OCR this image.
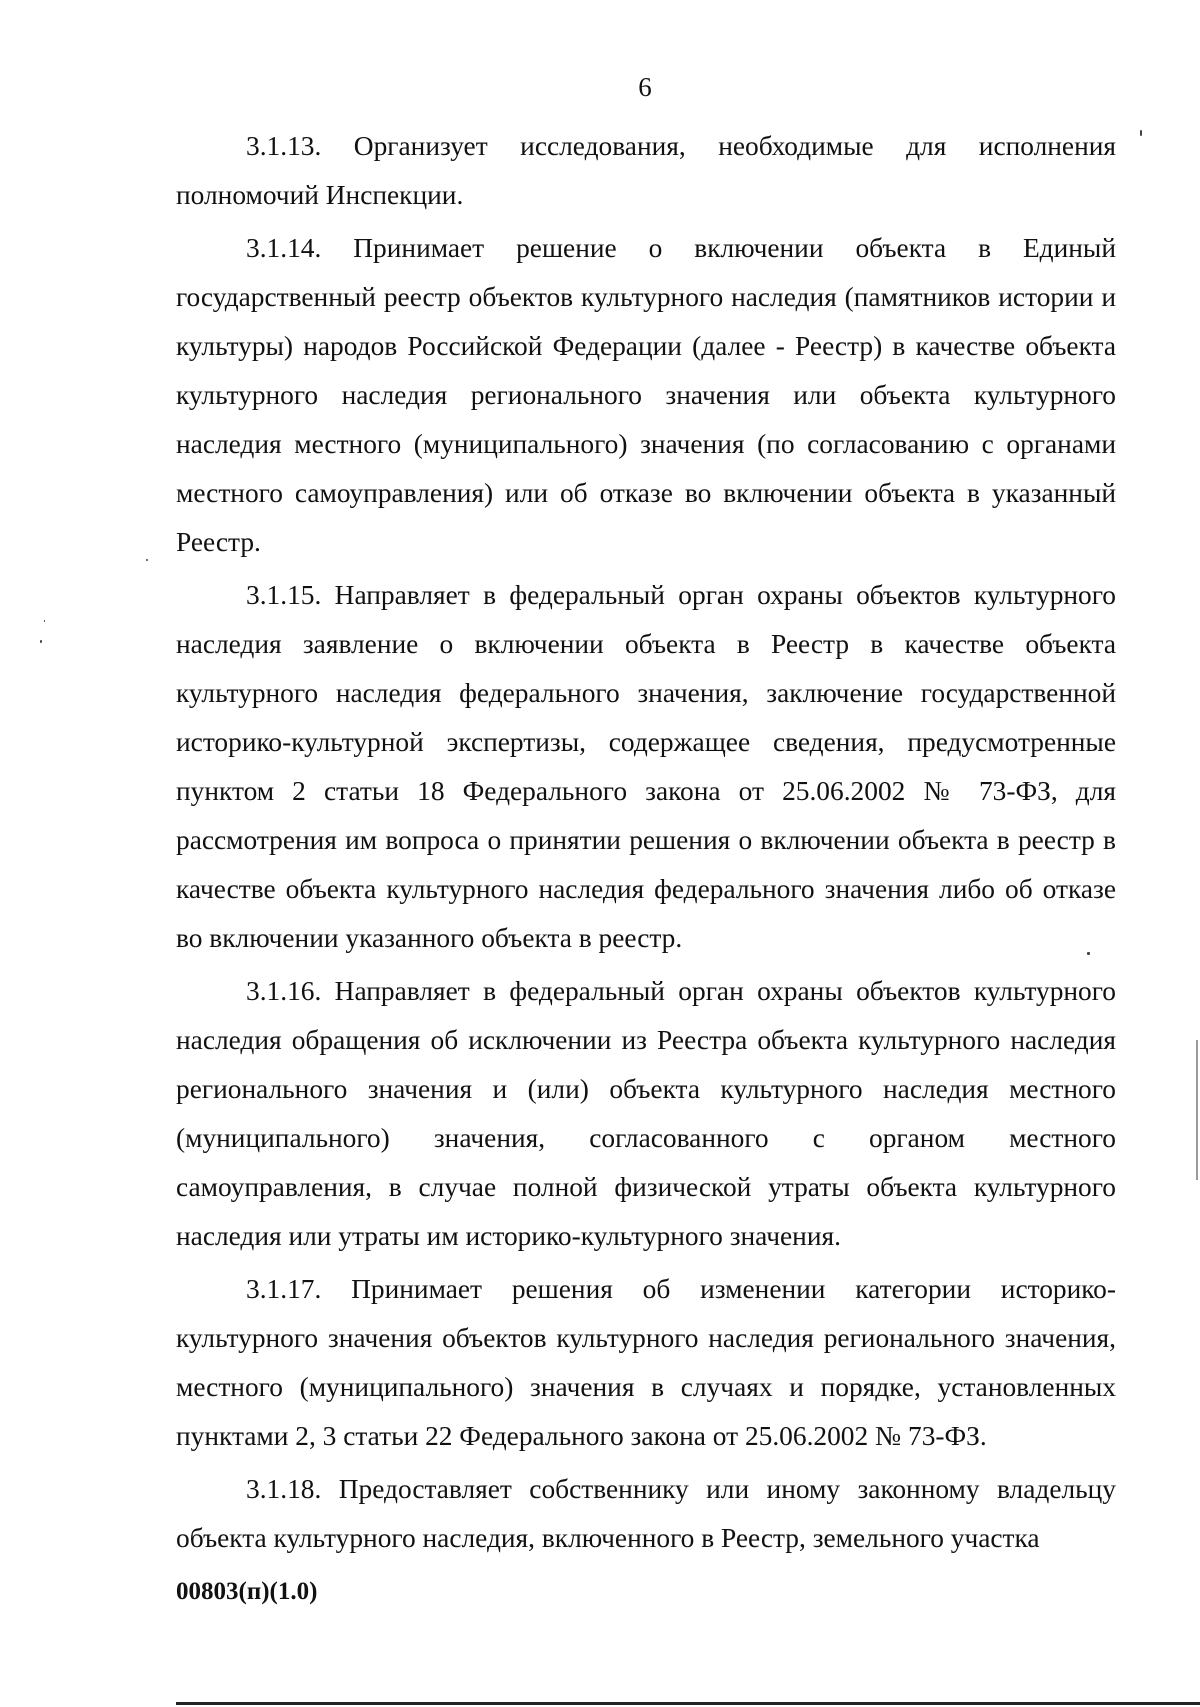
6

3.1.13. Организует исследования, необходимые для исполнения полномочий Инспекции.

3.1.14. Принимает решение о включении объекта в Единый государственный реестр объектов культурного наследия (памятников истории и культуры) народов Российской Федерации (далее - Реестр) в качестве объекта культурного наследия регионального значения или объекта культурного наследия местного (муниципального) значения (по согласованию с органами местного самоуправления) или об отказе во включении объекта в указанный Реестр.

3.1.15. Направляет в федеральный орган охраны объектов культурного наследия заявление о включении объекта в Реестр в качестве объекта культурного наследия федерального значения, заключение государственной историко-культурной экспертизы, содержащее сведения, предусмотренные пунктом 2 статьи 18 Федерального закона от 25.06.2002 № 73-ФЗ, для рассмотрения им вопроса о принятии решения о включении объекта в реестр в качестве объекта культурного наследия федерального значения либо об отказе во включении указанного объекта в реестр.

3.1.16. Направляет в федеральный орган охраны объектов культурного наследия обращения об исключении из Реестра объекта культурного наследия регионального значения и (или) объекта культурного наследия местного (муниципального) значения, согласованного с органом местного самоуправления, в случае полной физической утраты объекта культурного наследия или утраты им историко-культурного значения.

3.1.17. Принимает решения об изменении категории историко-культурного значения объектов культурного наследия регионального значения, местного (муниципального) значения в случаях и порядке, установленных пунктами 2, 3 статьи 22 Федерального закона от 25.06.2002 № 73-ФЗ.

3.1.18. Предоставляет собственнику или иному законному владельцу объекта культурного наследия, включенного в Реестр, земельного участка

00803(п)(1.0)
